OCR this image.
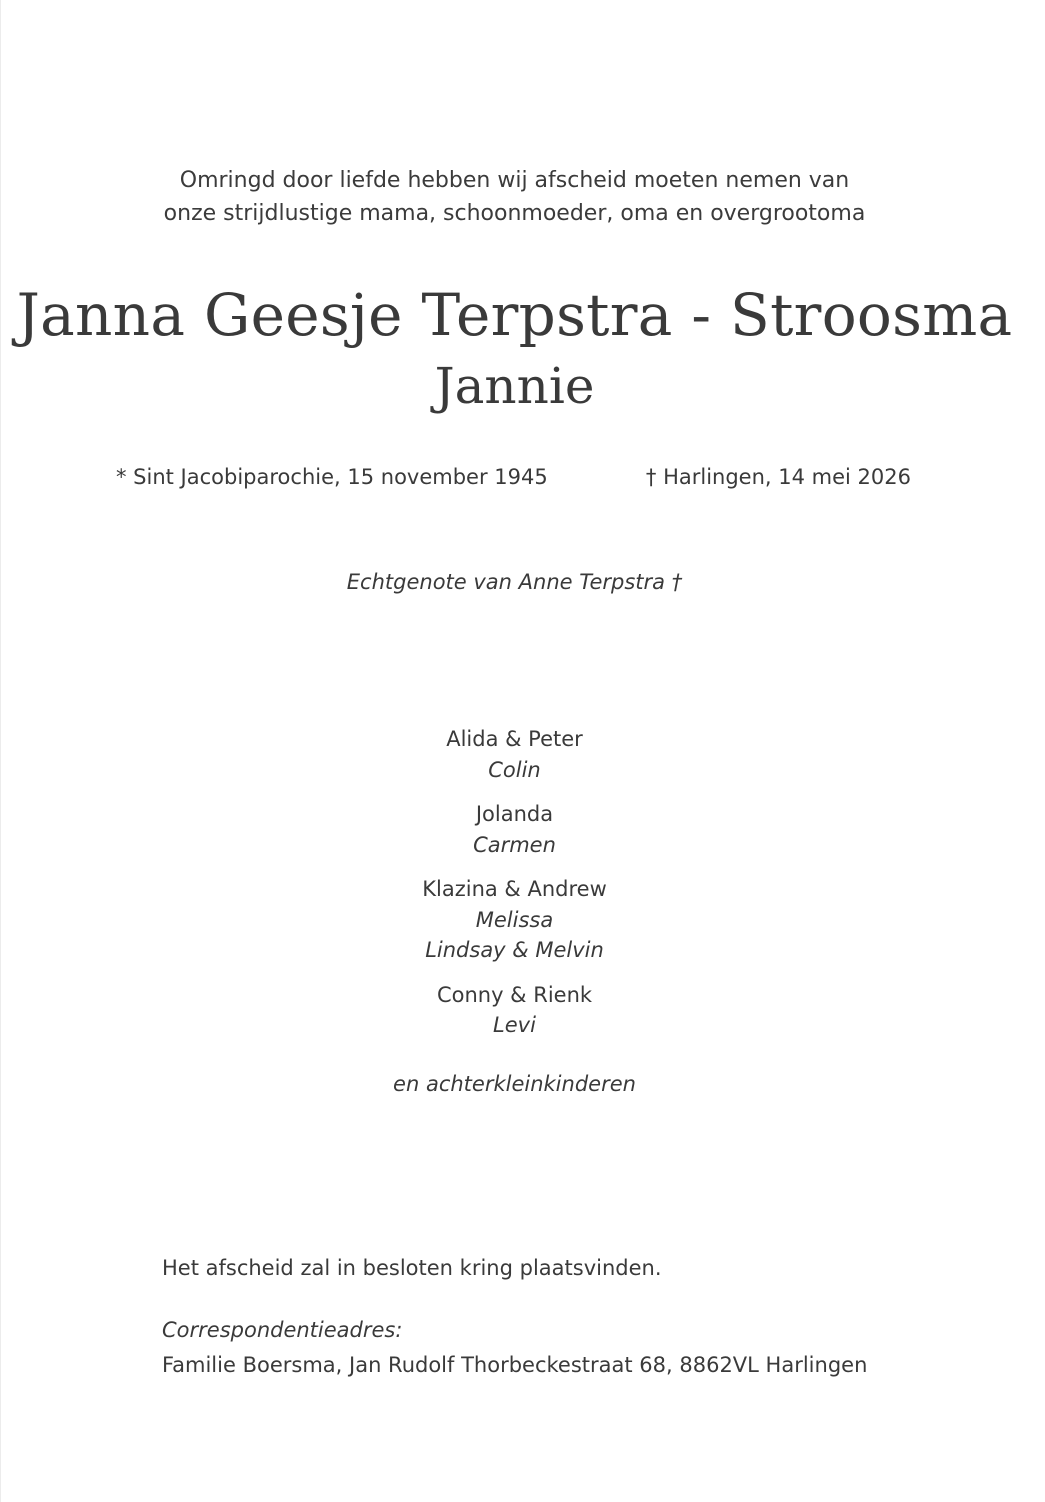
Omringd door liefde hebben wij afscheid moeten nemen van
onze strijdlustige mama, schoonmoeder, oma en overgrootoma
Janna Geesje Terpstra - Stroosma
Jannie
* Sint Jacobiparochie, 15 november 1945	† Harlingen, 14 mei 2026
Echtgenote van Anne Terpstra †
Alida & Peter
Colin
Jolanda
Carmen
Klazina & Andrew
Melissa
Lindsay & Melvin
Conny & Rienk
Levi
en achterkleinkinderen
Het afscheid zal in besloten kring plaatsvinden.
Correspondentieadres:
Familie Boersma, Jan Rudolf Thorbeckestraat 68, 8862VL Harlingen
